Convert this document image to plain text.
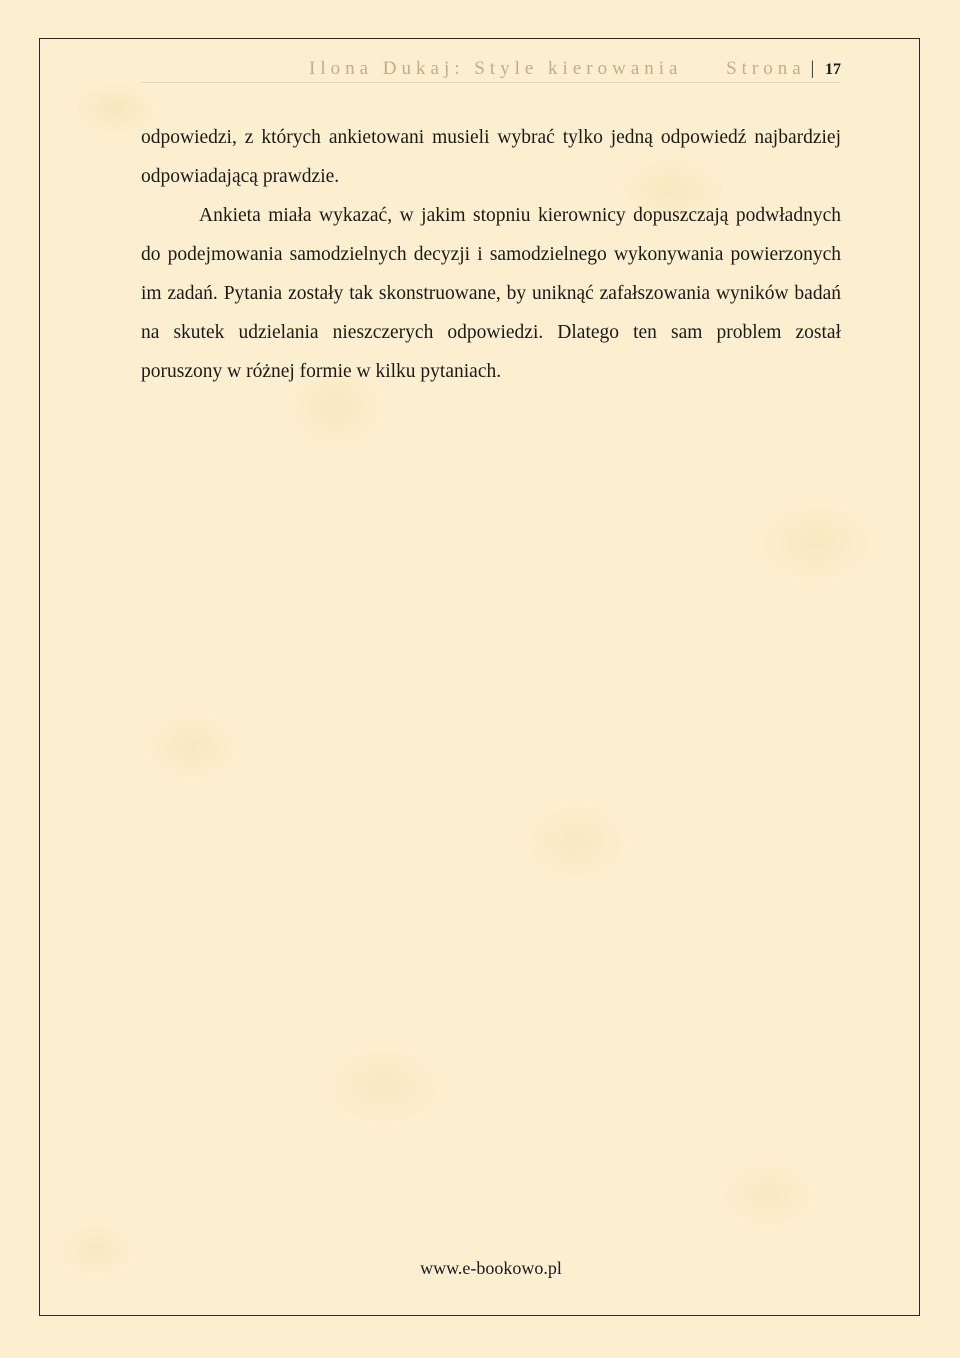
Ilona Dukaj: Style kierowania Strona | 17

odpowiedzi, z których ankietowani musieli wybrać tylko jedną odpowiedź najbardziej odpowiadającą prawdzie.

Ankieta miała wykazać, w jakim stopniu kierownicy dopuszczają podwładnych do podejmowania samodzielnych decyzji i samodzielnego wykonywania powierzonych im zadań. Pytania zostały tak skonstruowane, by uniknąć zafałszowania wyników badań na skutek udzielania nieszczerych odpowiedzi. Dlatego ten sam problem został poruszony w różnej formie w kilku pytaniach.

www.e-bookowo.pl
